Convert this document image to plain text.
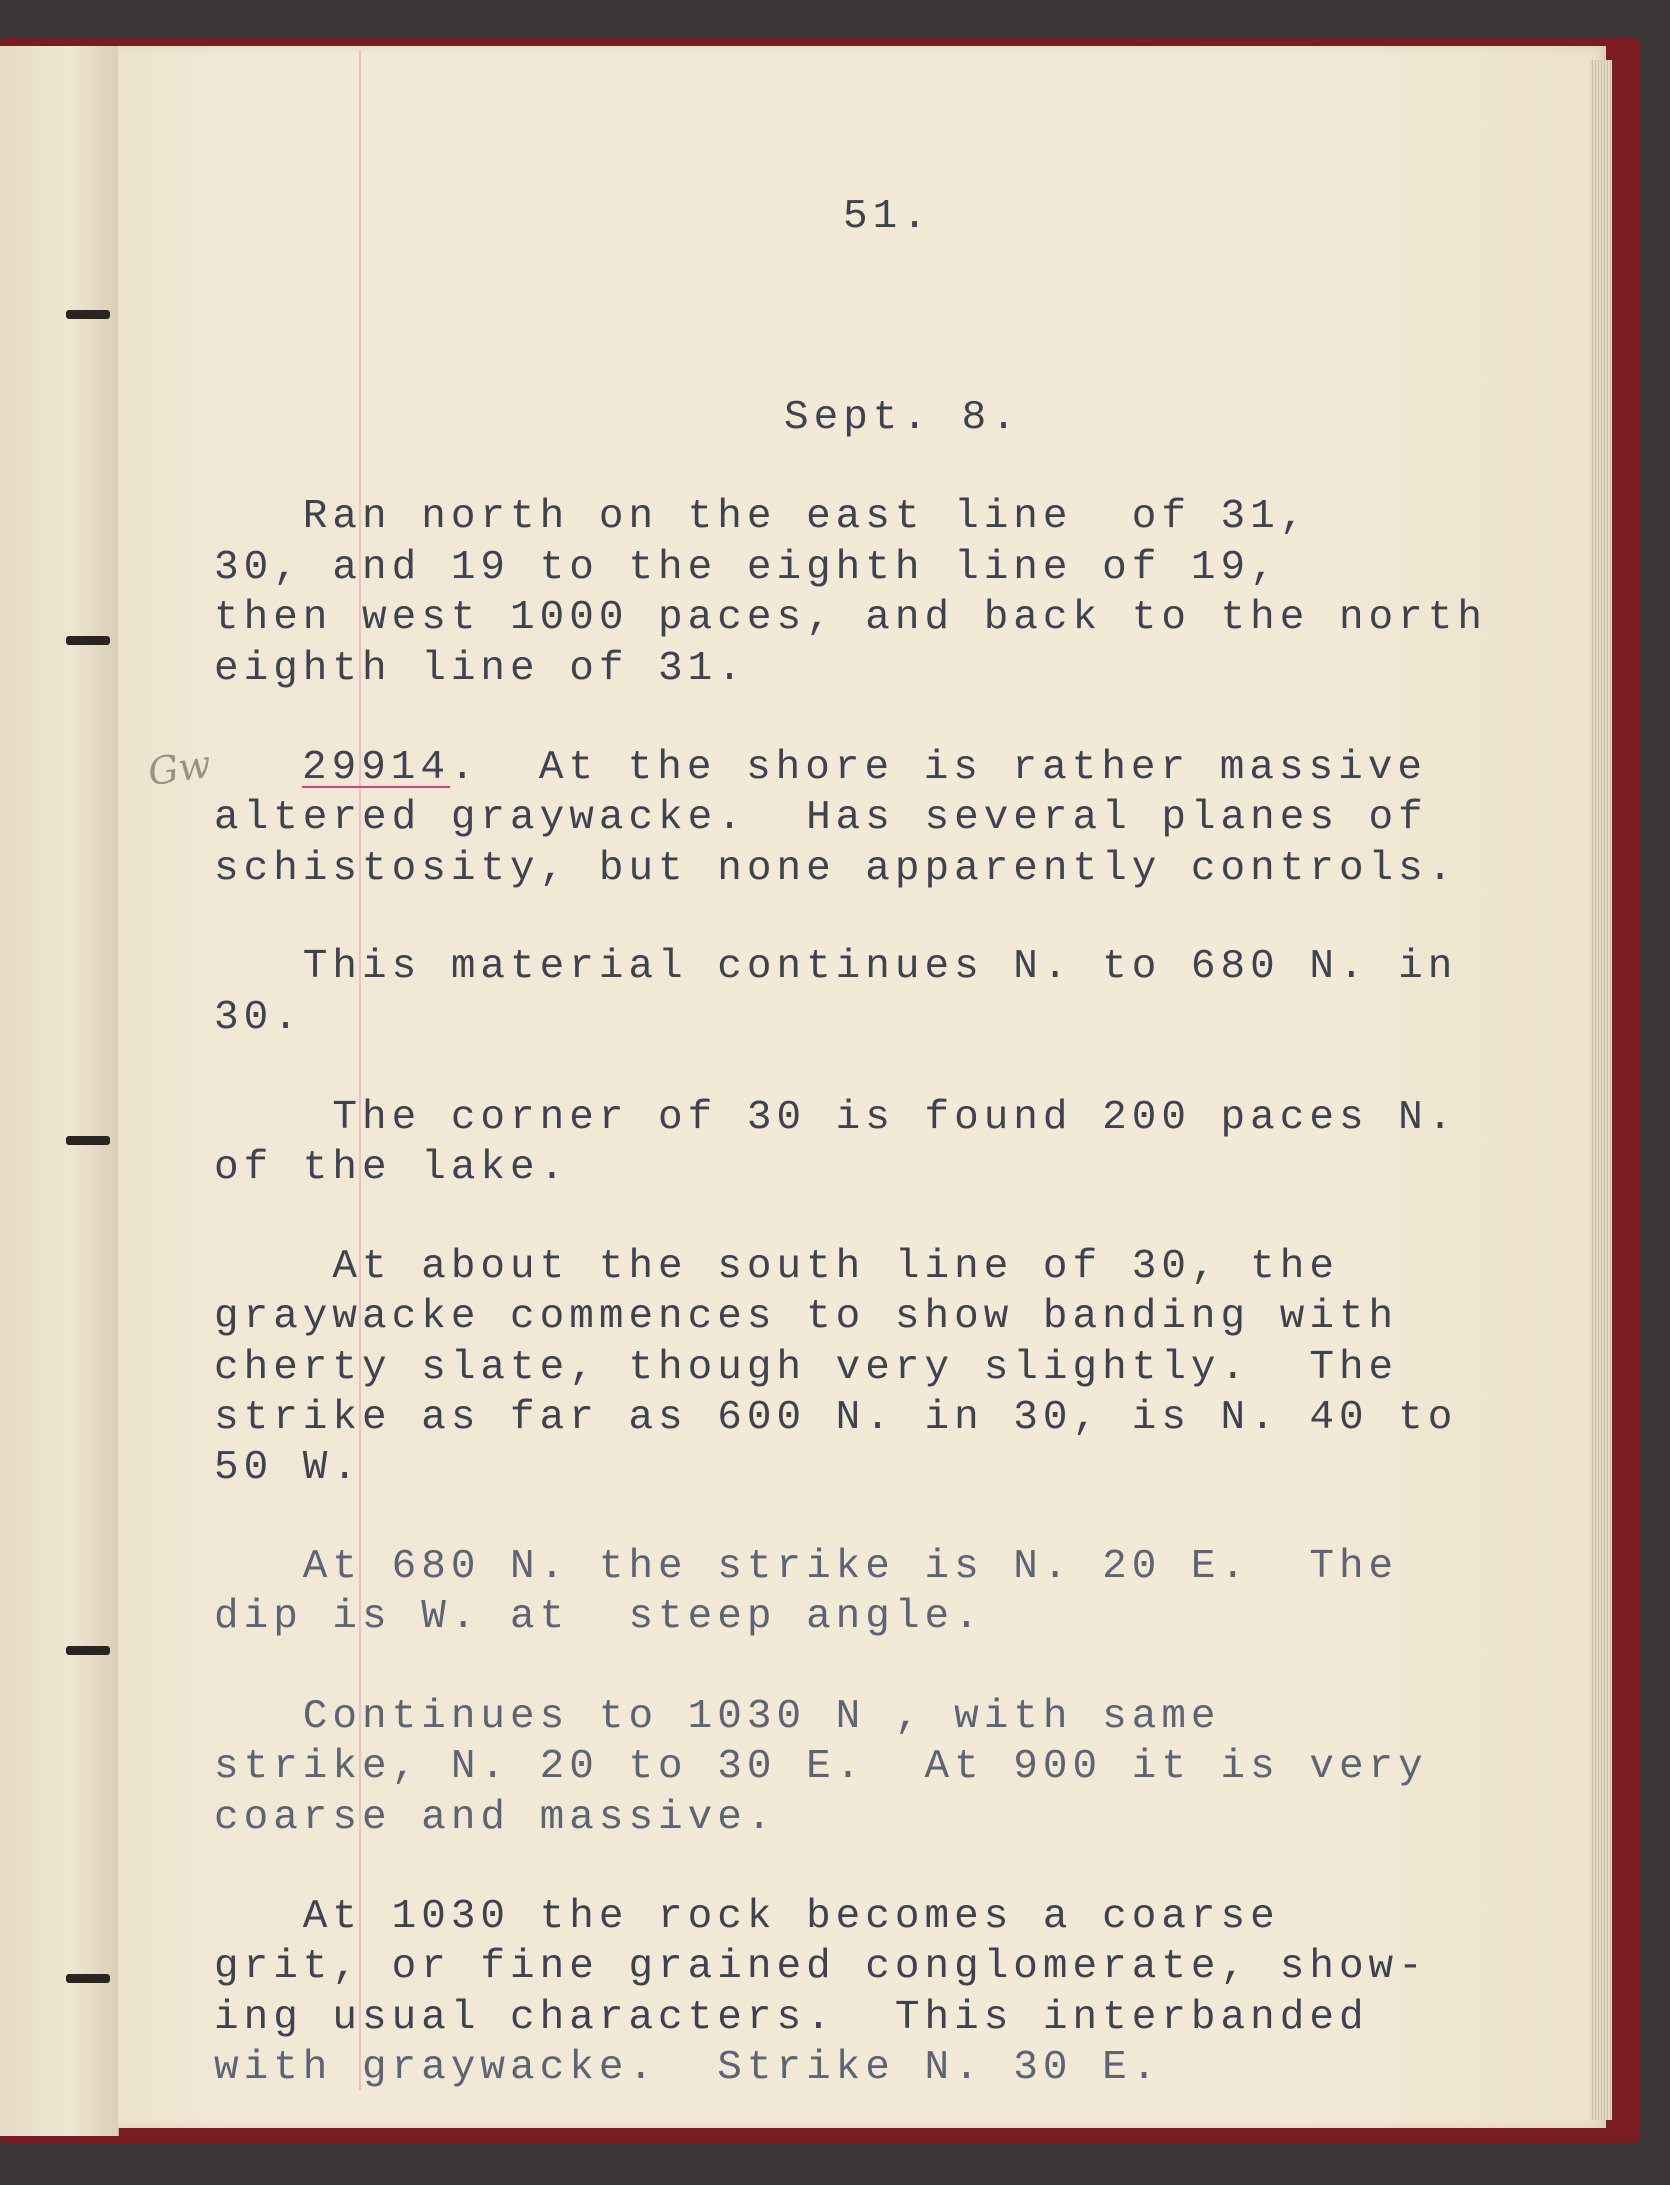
51.
Sept. 8.
Gw
Ran north on the east line  of 31,
30, and 19 to the eighth line of 19,
then west 1000 paces, and back to the north
eighth line of 31.
29914.  At the shore is rather massive
altered graywacke.  Has several planes of
schistosity, but none apparently controls.
This material continues N. to 680 N. in
30.
The corner of 30 is found 200 paces N.
of the lake.
At about the south line of 30, the
graywacke commences to show banding with
cherty slate, though very slightly.  The
strike as far as 600 N. in 30, is N. 40 to
50 W.
At 680 N. the strike is N. 20 E.  The
dip is W. at  steep angle.
Continues to 1030 N , with same
strike, N. 20 to 30 E.  At 900 it is very
coarse and massive.
At 1030 the rock becomes a coarse
grit, or fine grained conglomerate, show-
ing usual characters.  This interbanded
with graywacke.  Strike N. 30 E.
